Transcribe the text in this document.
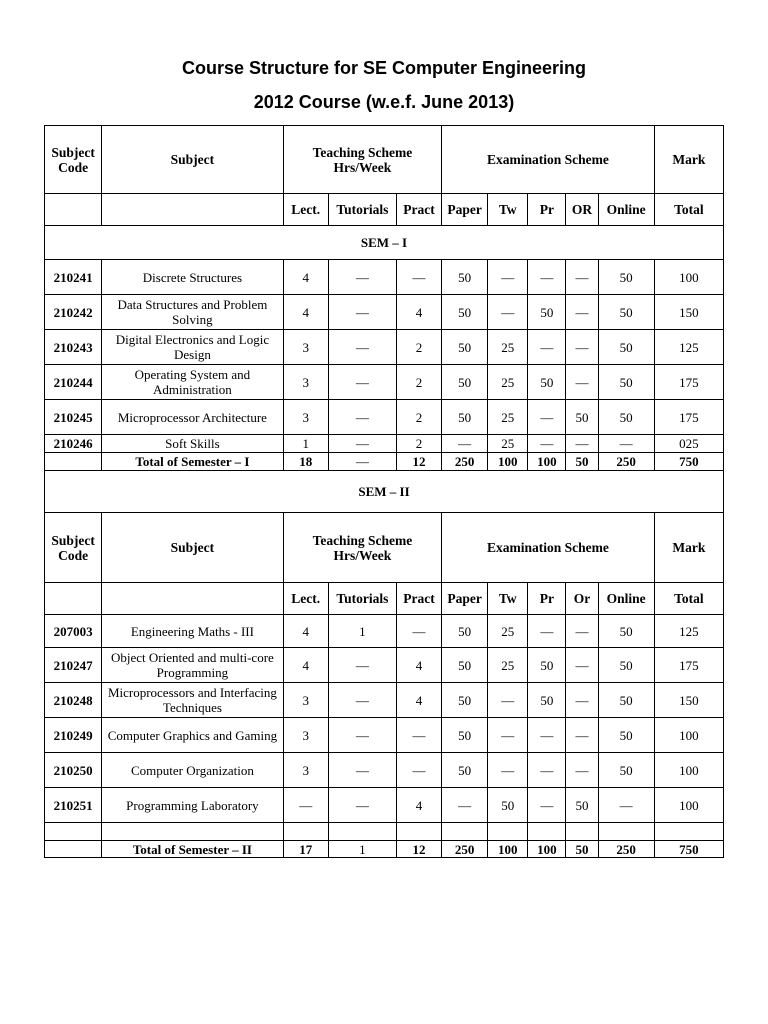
Course Structure for SE Computer Engineering
2012 Course (w.e.f. June 2013)
Subject Code	Subject	Teaching Scheme Hrs/Week			Examination Scheme					Mark
		Lect.	Tutorials	Pract	Paper	Tw	Pr	OR	Online	Total
SEM – I										
210241	Discrete Structures	4	—	—	50	—	—	—	50	100
210242	Data Structures and Problem Solving	4	—	4	50	—	50	—	50	150
210243	Digital Electronics and Logic Design	3	—	2	50	25	—	—	50	125
210244	Operating System and Administration	3	—	2	50	25	50	—	50	175
210245	Microprocessor Architecture	3	—	2	50	25	—	50	50	175
210246	Soft Skills	1	—	2	—	25	—	—	—	025
	Total of Semester – I	18	—	12	250	100	100	50	250	750
SEM – II										
Subject Code	Subject	Teaching Scheme Hrs/Week			Examination Scheme					Mark
		Lect.	Tutorials	Pract	Paper	Tw	Pr	Or	Online	Total
207003	Engineering Maths - III	4	1	—	50	25	—	—	50	125
210247	Object Oriented and multi-core Programming	4	—	4	50	25	50	—	50	175
210248	Microprocessors and Interfacing Techniques	3	—	4	50	—	50	—	50	150
210249	Computer Graphics and Gaming	3	—	—	50	—	—	—	50	100
210250	Computer Organization	3	—	—	50	—	—	—	50	100
210251	Programming Laboratory	—	—	4	—	50	—	50	—	100

	Total of Semester – II	17	1	12	250	100	100	50	250	750
